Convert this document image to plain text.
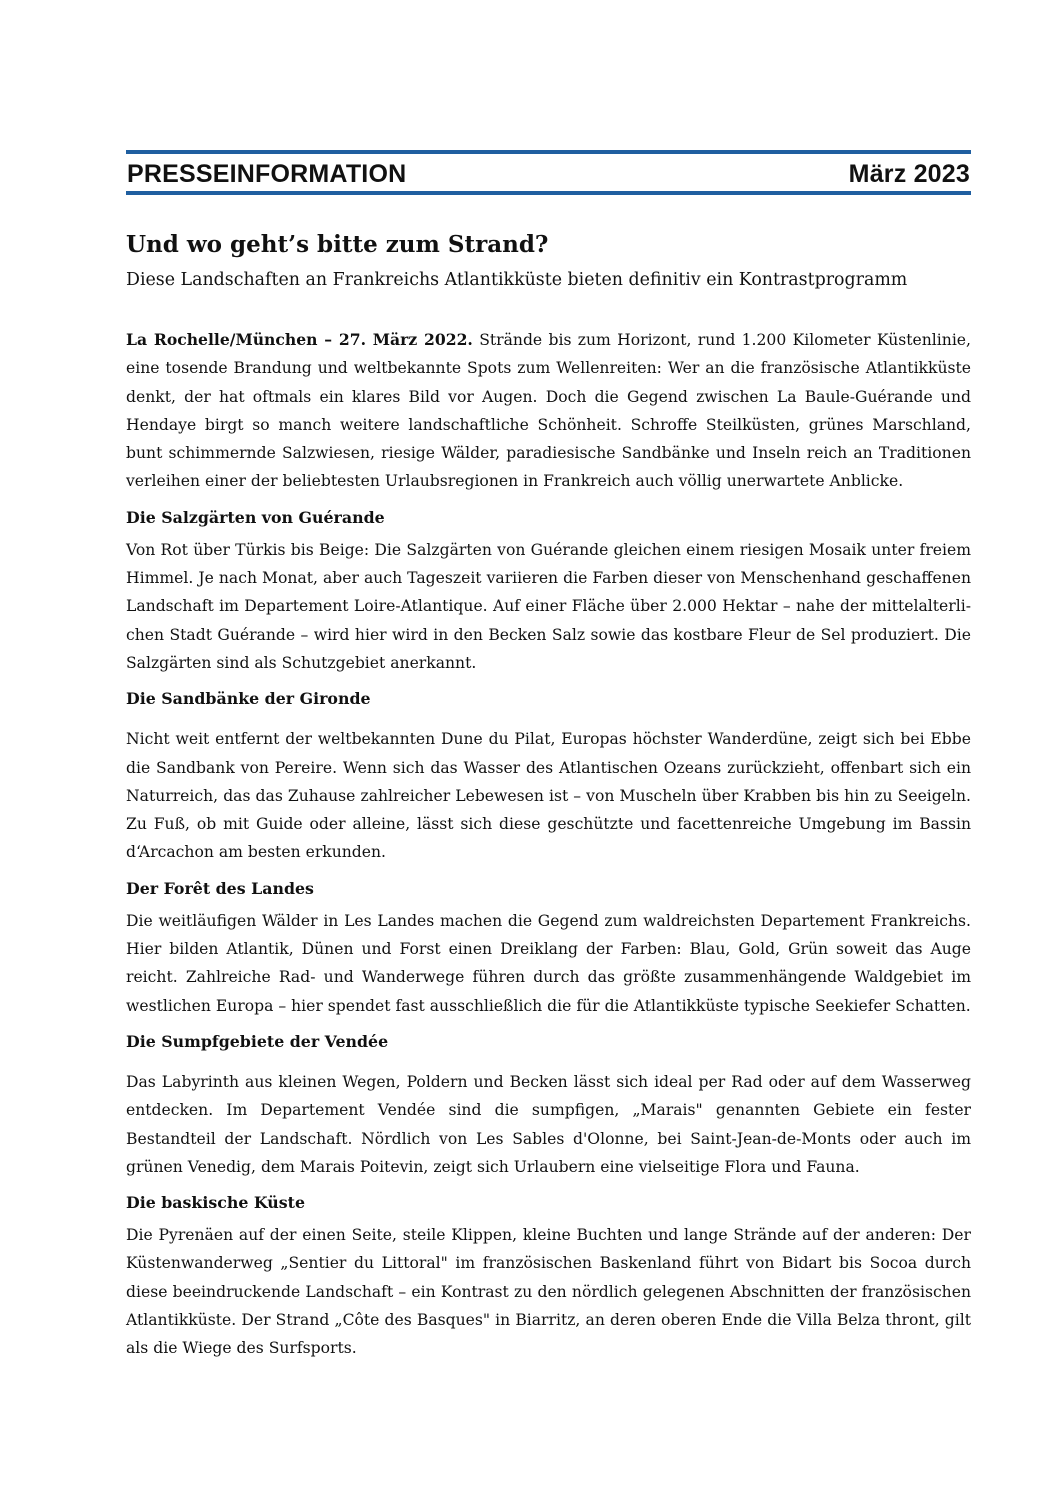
PRESSEINFORMATION	März 2023
Und wo geht’s bitte zum Strand?

Diese Landschaften an Frankreichs Atlantikküste bieten definitiv ein Kontrastprogramm

La Rochelle/München – 27. März 2022. Strände bis zum Horizont, rund 1.200 Kilometer Küstenlinie, eine tosende Brandung und weltbekannte Spots zum Wellenreiten: Wer an die französische Atlantikküste denkt, der hat oftmals ein klares Bild vor Augen. Doch die Gegend zwischen La Baule-Guérande und Hendaye birgt so manch weitere landschaftliche Schönheit. Schroffe Steilküsten, grünes Marschland, bunt schimmernde Salzwiesen, riesige Wälder, paradiesische Sandbänke und Inseln reich an Traditionen verleihen einer der beliebtesten Urlaubsregionen in Frankreich auch völlig unerwartete Anblicke.

Die Salzgärten von Guérande

Von Rot über Türkis bis Beige: Die Salzgärten von Guérande gleichen einem riesigen Mosaik unter freiem Himmel. Je nach Monat, aber auch Tageszeit variieren die Farben dieser von Menschenhand geschaffenen Landschaft im Departement Loire-Atlantique. Auf einer Fläche über 2.000 Hektar – nahe der mittelalterlichen Stadt Guérande – wird hier wird in den Becken Salz sowie das kostbare Fleur de Sel produziert. Die Salzgärten sind als Schutzgebiet anerkannt.

Die Sandbänke der Gironde

Nicht weit entfernt der weltbekannten Dune du Pilat, Europas höchster Wanderdüne, zeigt sich bei Ebbe die Sandbank von Pereire. Wenn sich das Wasser des Atlantischen Ozeans zurückzieht, offenbart sich ein Naturreich, das das Zuhause zahlreicher Lebewesen ist – von Muscheln über Krabben bis hin zu Seeigeln. Zu Fuß, ob mit Guide oder alleine, lässt sich diese geschützte und facettenreiche Umgebung im Bassin d‘Arcachon am besten erkunden.

Der Forêt des Landes

Die weitläufigen Wälder in Les Landes machen die Gegend zum waldreichsten Departement Frankreichs. Hier bilden Atlantik, Dünen und Forst einen Dreiklang der Farben: Blau, Gold, Grün soweit das Auge reicht. Zahlreiche Rad- und Wanderwege führen durch das größte zusammenhängende Waldgebiet im westlichen Europa – hier spendet fast ausschließlich die für die Atlantikküste typische Seekiefer Schatten.

Die Sumpfgebiete der Vendée

Das Labyrinth aus kleinen Wegen, Poldern und Becken lässt sich ideal per Rad oder auf dem Wasserweg entdecken. Im Departement Vendée sind die sumpfigen, „Marais" genannten Gebiete ein fester Bestandteil der Landschaft. Nördlich von Les Sables d'Olonne, bei Saint-Jean-de-Monts oder auch im grünen Venedig, dem Marais Poitevin, zeigt sich Urlaubern eine vielseitige Flora und Fauna.

Die baskische Küste

Die Pyrenäen auf der einen Seite, steile Klippen, kleine Buchten und lange Strände auf der anderen: Der Küstenwanderweg „Sentier du Littoral" im französischen Baskenland führt von Bidart bis Socoa durch diese beeindruckende Landschaft – ein Kontrast zu den nördlich gelegenen Abschnitten der französischen Atlantikküste. Der Strand „Côte des Basques" in Biarritz, an deren oberen Ende die Villa Belza thront, gilt als die Wiege des Surfsports.
